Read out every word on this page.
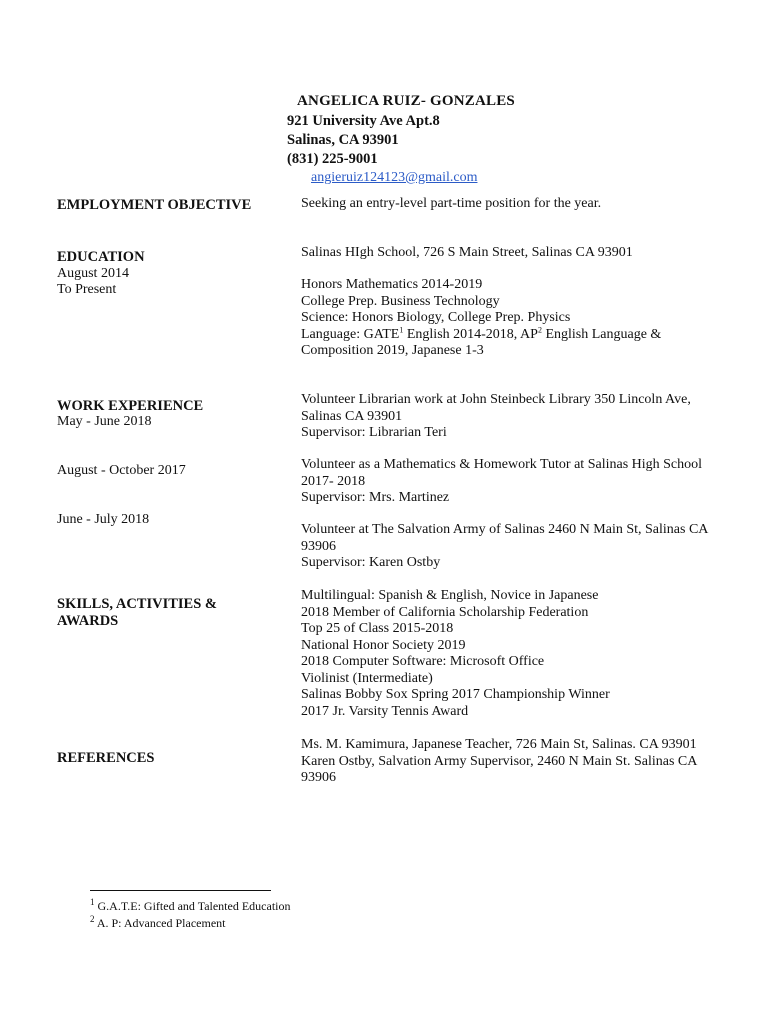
ANGELICA RUIZ- GONZALES
921 University Ave Apt.8
Salinas, CA 93901
(831) 225-9001
angieruiz124123@gmail.com
EMPLOYMENT OBJECTIVE	Seeking an entry-level part-time position for the year.
EDUCATION
August 2014
To Present
Salinas HIgh School, 726 S Main Street, Salinas CA 93901
Honors Mathematics 2014-2019
College Prep. Business Technology
Science: Honors Biology, College Prep. Physics
Language: GATE$^1$ English 2014-2018, $AP^2$ English Language &
Composition 2019, Japanese 1-3
WORK EXPERIENCE
May - June 2018
Volunteer Librarian work at John Steinbeck Library 350 Lincoln Ave,
Salinas CA 93901
Supervisor: Librarian Teri
August - October 2017	Volunteer as a Mathematics & Homework Tutor at Salinas High School
2017- 2018
Supervisor: Mrs. Martinez
June - July 2018
Volunteer at The Salvation Army of Salinas 2460 N Main St, Salinas CA
93906
Supervisor: Karen Ostby
SKILLS, ACTIVITIES &
AWARDS
Multilingual: Spanish & English, Novice in Japanese
2018 Member of California Scholarship Federation
Top 25 of Class 2015-2018
National Honor Society 2019
2018 Computer Software: Microsoft Office
Violinist (Intermediate)
Salinas Bobby Sox Spring 2017 Championship Winner
2017 Jr. Varsity Tennis Award
REFERENCES
Ms. M. Kamimura, Japanese Teacher, 726 Main St, Salinas. CA 93901
Karen Ostby, Salvation Army Supervisor, 2460 N Main St. Salinas CA
93906
$^1$ G.A.T.E: Gifted and Talented Education
$^2$ A. P: Advanced Placement
